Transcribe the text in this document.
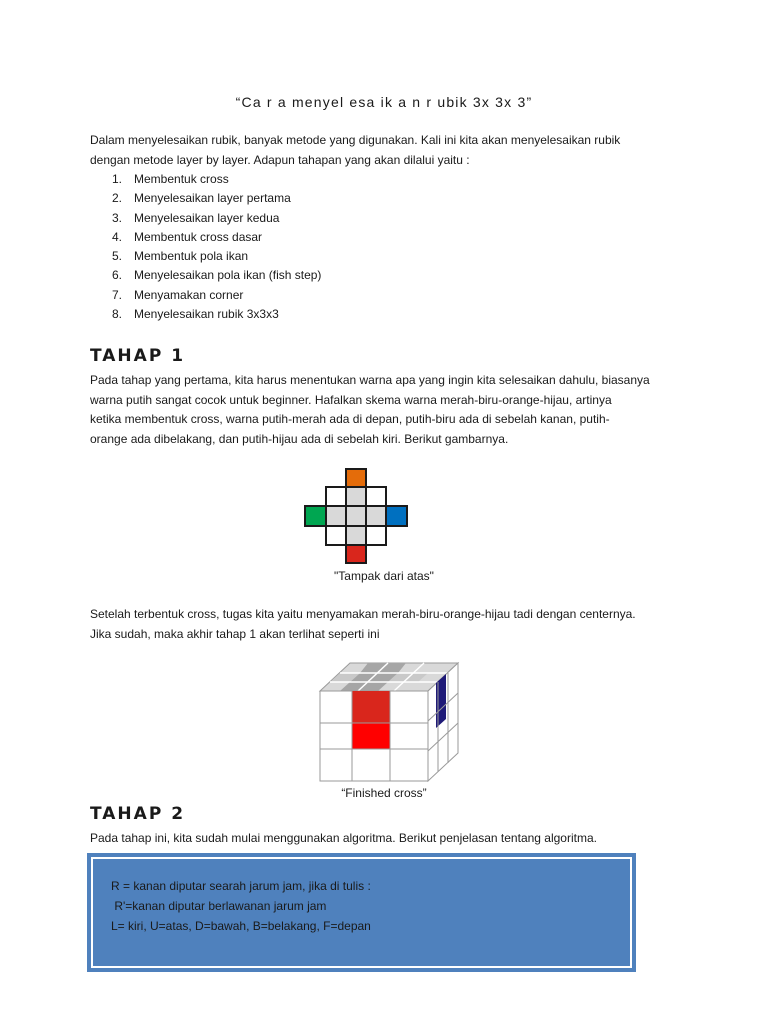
“Ca r a menyel esa ik a n r ubik 3x 3x 3”

Dalam menyelesaikan rubik, banyak metode yang digunakan. Kali ini kita akan menyelesaikan rubik
dengan metode layer by layer. Adapun tahapan yang akan dilalui yaitu :

1. Membentuk cross
2. Menyelesaikan layer pertama
3. Menyelesaikan layer kedua
4. Membentuk cross dasar
5. Membentuk pola ikan
6. Menyelesaikan pola ikan (fish step)
7. Menyamakan corner
8. Menyelesaikan rubik 3x3x3
TAHAP 1

Pada tahap yang pertama, kita harus menentukan warna apa yang ingin kita selesaikan dahulu, biasanya
warna putih sangat cocok untuk beginner. Hafalkan skema warna merah-biru-orange-hijau, artinya
ketika membentuk cross, warna putih-merah ada di depan, putih-biru ada di sebelah kanan, putih-
orange ada dibelakang, dan putih-hijau ada di sebelah kiri. Berikut gambarnya.

"Tampak dari atas"

Setelah terbentuk cross, tugas kita yaitu menyamakan merah-biru-orange-hijau tadi dengan centernya.
Jika sudah, maka akhir tahap 1 akan terlihat seperti ini

“Finished cross”
TAHAP 2

Pada tahap ini, kita sudah mulai menggunakan algoritma. Berikut penjelasan tentang algoritma.

R = kanan diputar searah jarum jam, jika di tulis :
R'=kanan diputar berlawanan jarum jam
L= kiri, U=atas, D=bawah, B=belakang, F=depan
